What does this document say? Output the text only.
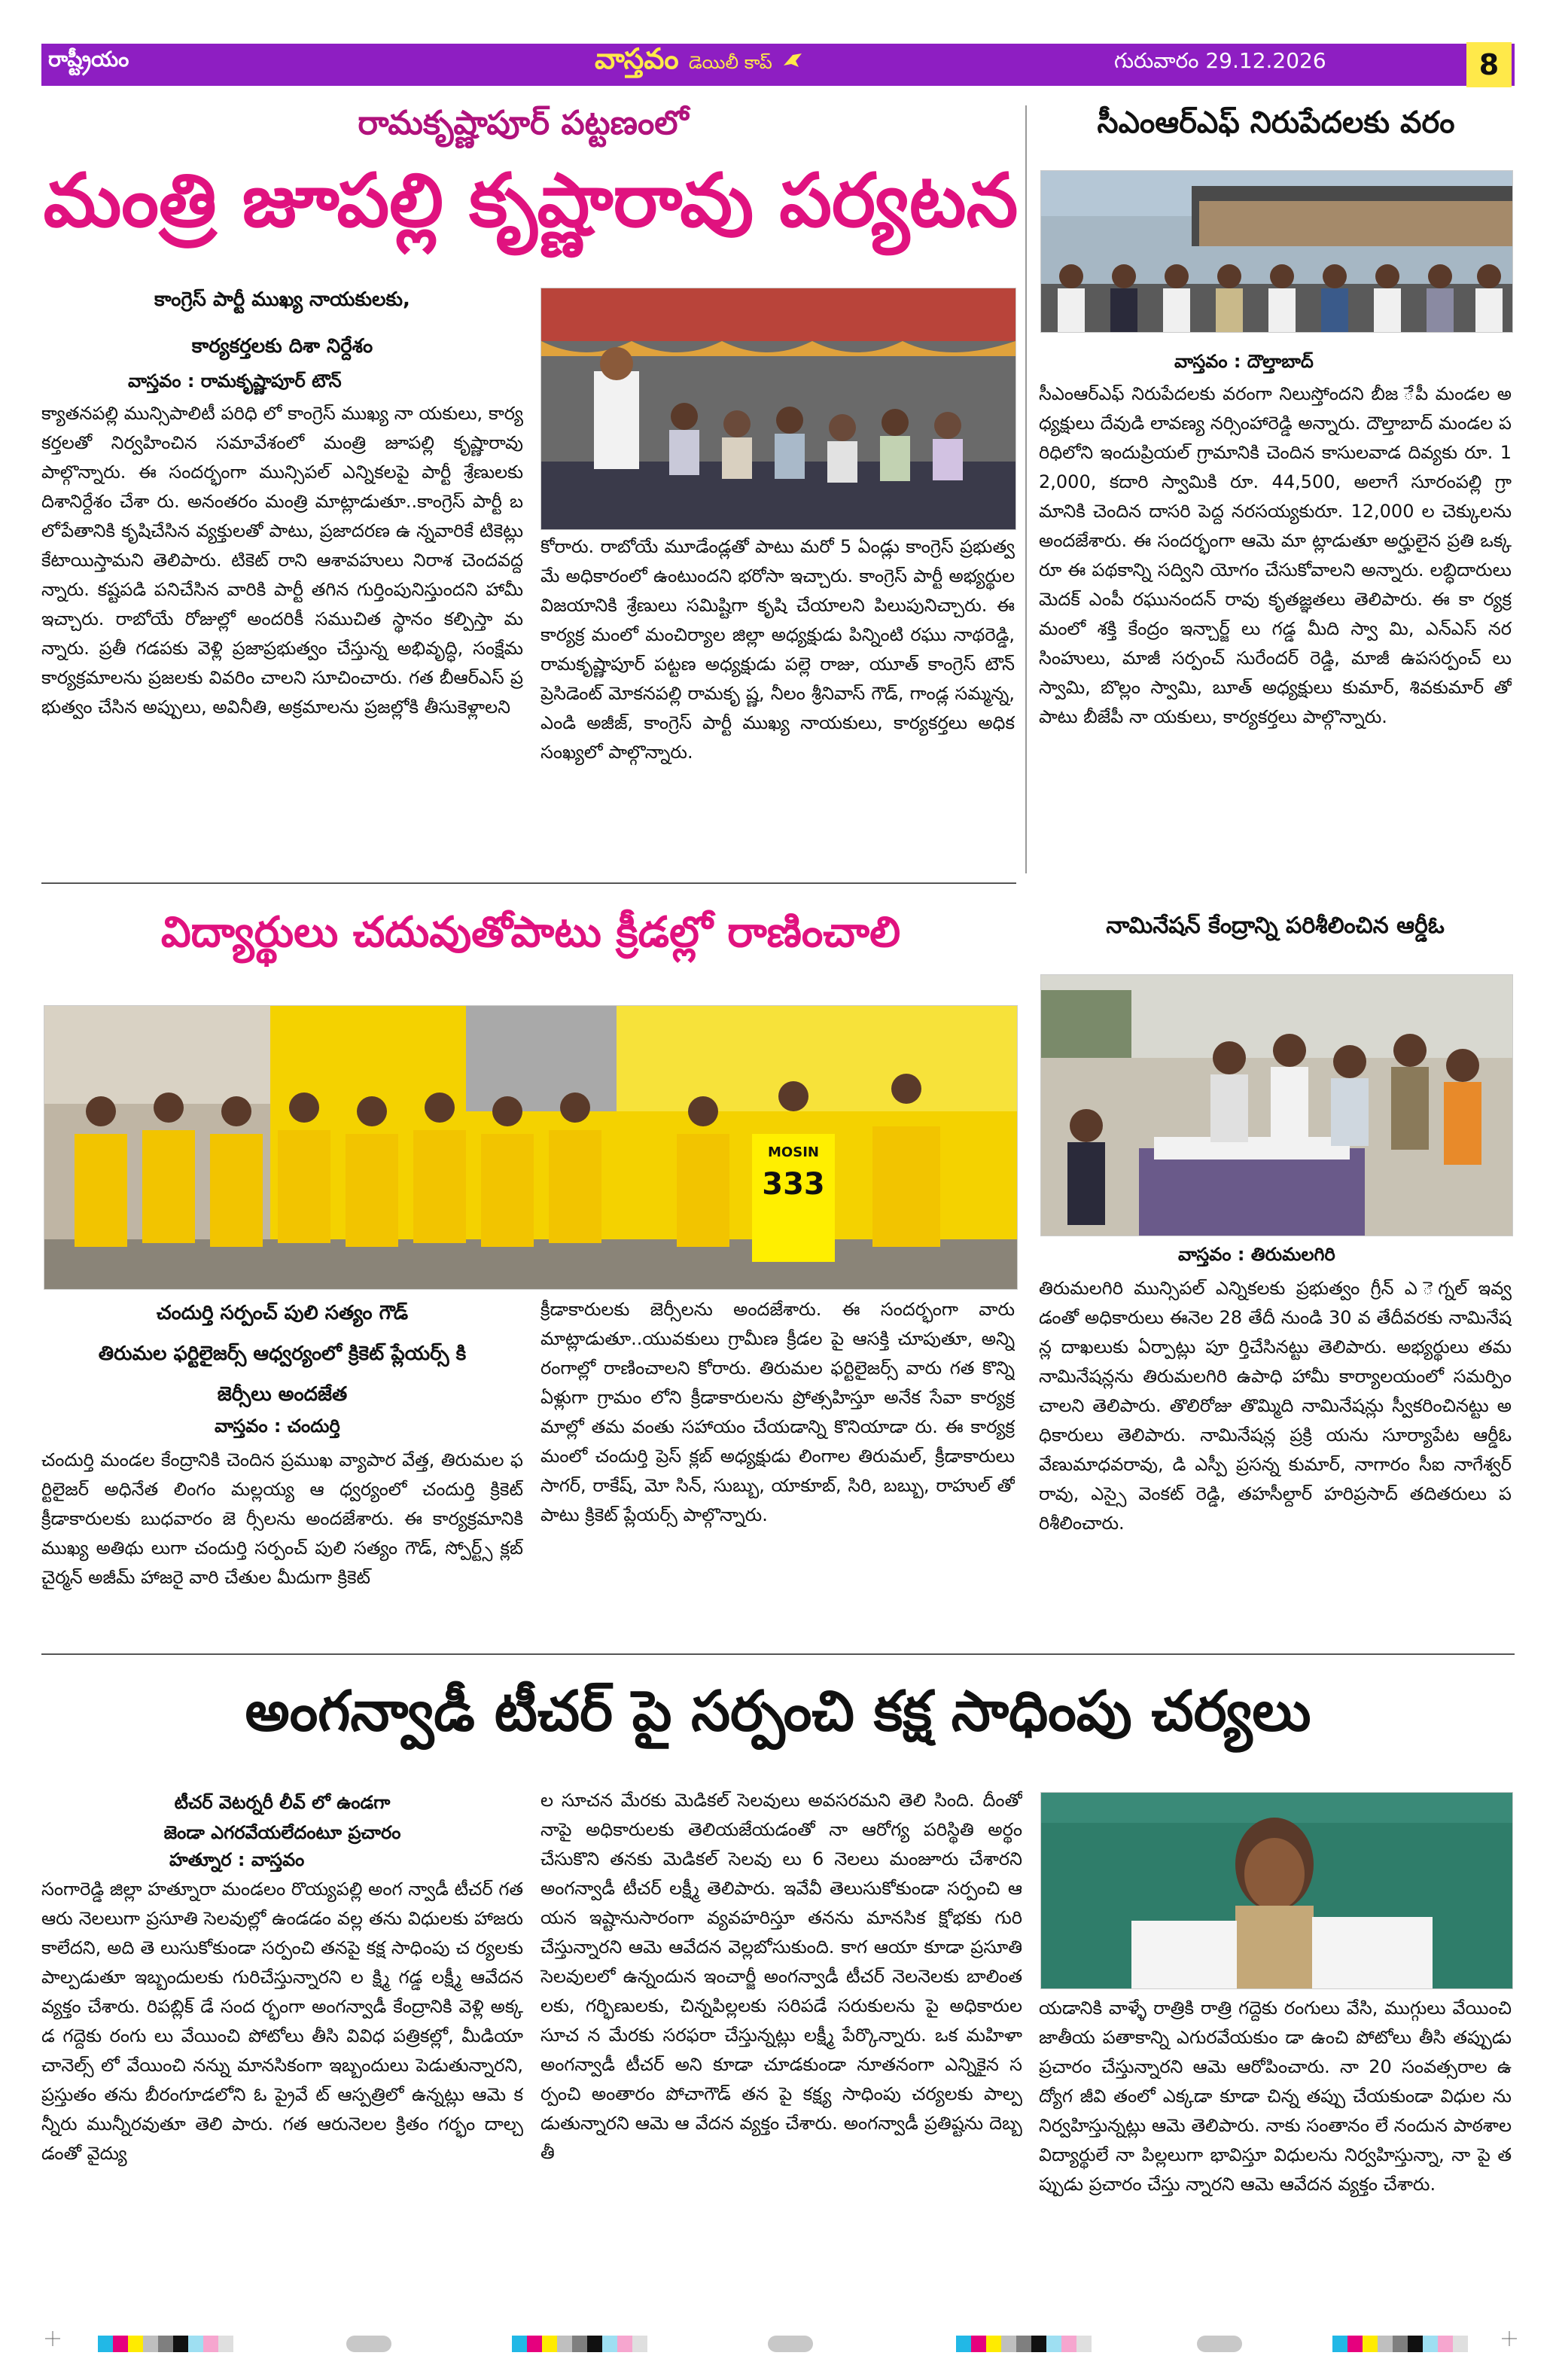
రాష్ట్రీయం	వాస్తవం డెయిలీ కాప్	గురువారం 29.12.2026	8
రామకృష్ణాపూర్ పట్టణంలో
మంత్రి జూపల్లి కృష్ణారావు పర్యటన
కాంగ్రెస్ పార్టీ ముఖ్య నాయకులకు,
కార్యకర్తలకు దిశా నిర్దేశం
వాస్తవం : రామకృష్ణాపూర్ టౌన్
క్యాతనపల్లి మున్సిపాలిటీ పరిధి లో కాంగ్రెస్ ముఖ్య నా యకులు, కార్యకర్తలతో నిర్వహించిన సమావేశంలో మంత్రి జూపల్లి కృష్ణారావు పాల్గొన్నారు. ఈ సందర్భంగా మున్సిపల్ ఎన్నికలపై పార్టీ శ్రేణులకు దిశానిర్దేశం చేశా రు. అనంతరం మంత్రి మాట్లాడుతూ..కాంగ్రెస్ పార్టీ బ లోపేతానికి కృషిచేసిన వ్యక్తులతో పాటు, ప్రజాదరణ ఉ న్నవారికే టికెట్లు కేటాయిస్తామని తెలిపారు. టికెట్ రాని ఆశావహులు నిరాశ చెందవద్దన్నారు. కష్టపడి పనిచేసిన వారికి పార్టీ తగిన గుర్తింపునిస్తుందని హామీ ఇచ్చారు. రాబోయే రోజుల్లో అందరికీ సముచిత స్థానం కల్పిస్తా మన్నారు. ప్రతీ గడపకు వెళ్లి ప్రజాప్రభుత్వం చేస్తున్న అభివృద్ధి, సంక్షేమ కార్యక్రమాలను ప్రజలకు వివరిం చాలని సూచించారు. గత బీఆర్ఎస్ ప్రభుత్వం చేసిన అప్పులు, అవినీతి, అక్రమాలను ప్రజల్లోకి తీసుకెళ్లాలని
కోరారు. రాబోయే మూడేండ్లతో పాటు మరో 5 ఏండ్లు కాంగ్రెస్ ప్రభుత్వమే అధికారంలో ఉంటుందని భరోసా ఇచ్చారు. కాంగ్రెస్ పార్టీ అభ్యర్థుల విజయానికి శ్రేణులు సమిష్టిగా కృషి చేయాలని పిలుపునిచ్చారు. ఈ కార్యక్ర మంలో మంచిర్యాల జిల్లా అధ్యక్షుడు పిన్నింటి రఘు నాథరెడ్డి, రామకృష్ణాపూర్ పట్టణ అధ్యక్షుడు పల్లె రాజు, యూత్ కాంగ్రెస్ టౌన్ ప్రెసిడెంట్ మోకనపల్లి రామకృ ష్ణ, నీలం శ్రీనివాస్ గౌడ్, గాండ్ల సమ్మన్న, ఎండి అజీజ్, కాంగ్రెస్ పార్టీ ముఖ్య నాయకులు, కార్యకర్తలు అధిక సంఖ్యలో పాల్గొన్నారు.
సీఎంఆర్ఎఫ్ నిరుపేదలకు వరం
వాస్తవం : దౌల్తాబాద్
సీఎంఆర్ఎఫ్ నిరుపేదలకు వరంగా నిలుస్తోందని బీజ ేపీ మండల అధ్యక్షులు దేవుడి లావణ్య నర్సింహారెడ్డి అన్నారు. దౌల్తాబాద్ మండల పరిధిలోని ఇందుప్రియల్ గ్రామానికి చెందిన కాసులవాడ దివ్యకు రూ. 12,000, కదారి స్వామికి రూ. 44,500, అలాగే సూరంపల్లి గ్రా మానికి చెందిన దాసరి పెద్ద నరసయ్యకురూ. 12,000 ల చెక్కులను అందజేశారు. ఈ సందర్భంగా ఆమె మా ట్లాడుతూ అర్హులైన ప్రతి ఒక్కరూ ఈ పథకాన్ని సద్విని యోగం చేసుకోవాలని అన్నారు. లబ్ధిదారులు మెదక్ ఎంపీ రఘునందన్ రావు కృతజ్ఞతలు తెలిపారు. ఈ కా ర్యక్రమంలో శక్తి కేంద్రం ఇన్చార్జ్ లు గడ్డ మీది స్వా మి, ఎన్ఎస్ నరసింహులు, మాజీ సర్పంచ్ సురేందర్ రెడ్డి, మాజీ ఉపసర్పంచ్ లు స్వామి, బొల్లం స్వామి, బూత్ అధ్యక్షులు కుమార్, శివకుమార్ తో పాటు బీజేపీ నా యకులు, కార్యకర్తలు పాల్గొన్నారు.
నామినేషన్ కేంద్రాన్ని పరిశీలించిన ఆర్డీఓ
వాస్తవం : తిరుమలగిరి
తిరుమలగిరి మున్సిపల్ ఎన్నికలకు ప్రభుత్వం గ్రీన్ ఎ ెగ్నల్ ఇవ్వడంతో అధికారులు ఈనెల 28 తేదీ నుండి 30 వ తేదీవరకు నామినేషన్ల దాఖలుకు ఏర్పాట్లు పూ ర్తిచేసినట్టు తెలిపారు. అభ్యర్థులు తమ నామినేషన్లను తిరుమలగిరి ఉపాధి హామీ కార్యాలయంలో సమర్పిం చాలని తెలిపారు. తొలిరోజు తొమ్మిది నామినేషన్లు స్వీకరించినట్టు అధికారులు తెలిపారు. నామినేషన్ల ప్రక్రి యను సూర్యాపేట ఆర్డీఓ వేణుమాధవరావు, డి ఎస్పీ ప్రసన్న కుమార్, నాగారం సీఐ నాగేశ్వర్ రావు, ఎస్సై వెంకట్ రెడ్డి, తహసీల్దార్ హరిప్రసాద్ తదితరులు పరిశీలించారు.
విద్యార్థులు చదువుతోపాటు క్రీడల్లో రాణించాలి
MOSIN
333
చందుర్తి సర్పంచ్ పులి సత్యం గౌడ్
తిరుమల ఫర్టిలైజర్స్ ఆధ్వర్యంలో క్రికెట్ ప్లేయర్స్ కి
జెర్సీలు అందజేత
వాస్తవం : చందుర్తి
చందుర్తి మండల కేంద్రానికి చెందిన ప్రముఖ వ్యాపార వేత్త, తిరుమల ఫర్టిలైజర్ అధినేత లింగం మల్లయ్య ఆ ధ్వర్యంలో చందుర్తి క్రికెట్ క్రీడాకారులకు బుధవారం జె ర్సీలను అందజేశారు. ఈ కార్యక్రమానికి ముఖ్య అతిథు లుగా చందుర్తి సర్పంచ్ పులి సత్యం గౌడ్, స్పోర్ట్స్ క్లబ్ చైర్మన్ అజీమ్ హాజరై వారి చేతుల మీదుగా క్రికెట్
క్రీడాకారులకు జెర్సీలను అందజేశారు. ఈ సందర్భంగా వారు మాట్లాడుతూ..యువకులు గ్రామీణ క్రీడల పై ఆసక్తి చూపుతూ, అన్ని రంగాల్లో రాణించాలని కోరారు. తిరుమల ఫర్టిలైజర్స్ వారు గత కొన్ని ఏళ్లుగా గ్రామం లోని క్రీడాకారులను ప్రోత్సహిస్తూ అనేక సేవా కార్యక్ర మాల్లో తమ వంతు సహాయం చేయడాన్ని కొనియాడా రు. ఈ కార్యక్రమంలో చందుర్తి ప్రెస్ క్లబ్ అధ్యక్షుడు లింగాల తిరుమల్, క్రీడాకారులు సాగర్, రాకేష్, మో సిన్, సుబ్బు, యాకూబ్, సిరి, బబ్బు, రాహుల్ తో పాటు క్రికెట్ ప్లేయర్స్ పాల్గొన్నారు.
అంగన్వాడీ టీచర్ పై సర్పంచి కక్ష సాధింపు చర్యలు
టీచర్ వెటర్నరీ లీవ్ లో ఉండగా
జెండా ఎగరవేయలేదంటూ ప్రచారం
హత్నూర : వాస్తవం
సంగారెడ్డి జిల్లా హత్నూరా మండలం రొయ్యపల్లి అంగ న్వాడీ టీచర్ గత ఆరు నెలలుగా ప్రసూతి సెలవుల్లో ఉండడం వల్ల తను విధులకు హాజరు కాలేదని, అది తె లుసుకోకుండా సర్పంచి తనపై కక్ష సాధింపు చ ర్యలకు పాల్పడుతూ ఇబ్బందులకు గురిచేస్తున్నారని ల క్ష్మి గడ్డ లక్ష్మీ ఆవేదన వ్యక్తం చేశారు. రిపబ్లిక్ డే సంద ర్భంగా అంగన్వాడీ కేంద్రానికి వెళ్లి అక్కడ గద్దెకు రంగు లు వేయించి పోటోలు తీసి వివిధ పత్రికల్లో, మీడియా చానెల్స్ లో వేయించి నన్ను మానసికంగా ఇబ్బందులు పెడుతున్నారని, ప్రస్తుతం తను బీరంగూడలోని ఓ ప్రైవే ట్ ఆస్పత్రిలో ఉన్నట్లు ఆమె కన్నీరు మున్నీరవుతూ తెలి పారు. గత ఆరునెలల క్రితం గర్భం దాల్చడంతో వైద్యు
ల సూచన మేరకు మెడికల్ సెలవులు అవసరమని తెలి సింది. దీంతో నాపై అధికారులకు తెలియజేయడంతో నా ఆరోగ్య పరిస్థితి అర్థం చేసుకొని తనకు మెడికల్ సెలవు లు 6 నెలలు మంజూరు చేశారని అంగన్వాడీ టీచర్ లక్ష్మీ తెలిపారు. ఇవేవీ తెలుసుకోకుండా సర్పంచి ఆయన ఇష్టానుసారంగా వ్యవహరిస్తూ తనను మానసిక క్షోభకు గురి చేస్తున్నారని ఆమె ఆవేదన వెల్లబోసుకుంది. కాగ ఆయా కూడా ప్రసూతి సెలవులలో ఉన్నందున ఇంచార్జీ అంగన్వాడీ టీచర్ నెలనెలకు బాలింతలకు, గర్భిణులకు, చిన్నపిల్లలకు సరిపడే సరుకులను పై అధికారుల సూచ న మేరకు సరఫరా చేస్తున్నట్లు లక్ష్మీ పేర్కొన్నారు. ఒక మహిళా అంగన్వాడీ టీచర్ అని కూడా చూడకుండా నూతనంగా ఎన్నికైన సర్పంచి అంతారం పోచాగౌడ్ తన పై కక్ష్య సాధింపు చర్యలకు పాల్పడుతున్నారని ఆమె ఆ వేదన వ్యక్తం చేశారు. అంగన్వాడీ ప్రతిష్టను దెబ్బ తీ
యడానికి వాళ్ళే రాత్రికి రాత్రి గద్దెకు రంగులు వేసి, ముగ్గులు వేయించి జాతీయ పతాకాన్ని ఎగురవేయకుం డా ఉంచి పోటోలు తీసి తప్పుడు ప్రచారం చేస్తున్నారని ఆమె ఆరోపించారు. నా 20 సంవత్సరాల ఉద్యోగ జీవి తంలో ఎక్కడా కూడా చిన్న తప్పు చేయకుండా విధుల ను నిర్వహిస్తున్నట్లు ఆమె తెలిపారు. నాకు సంతానం లే నందున పాఠశాల విద్యార్థులే నా పిల్లలుగా భావిస్తూ విధులను నిర్వహిస్తున్నా, నా పై తప్పుడు ప్రచారం చేస్తు న్నారని ఆమె ఆవేదన వ్యక్తం చేశారు.
